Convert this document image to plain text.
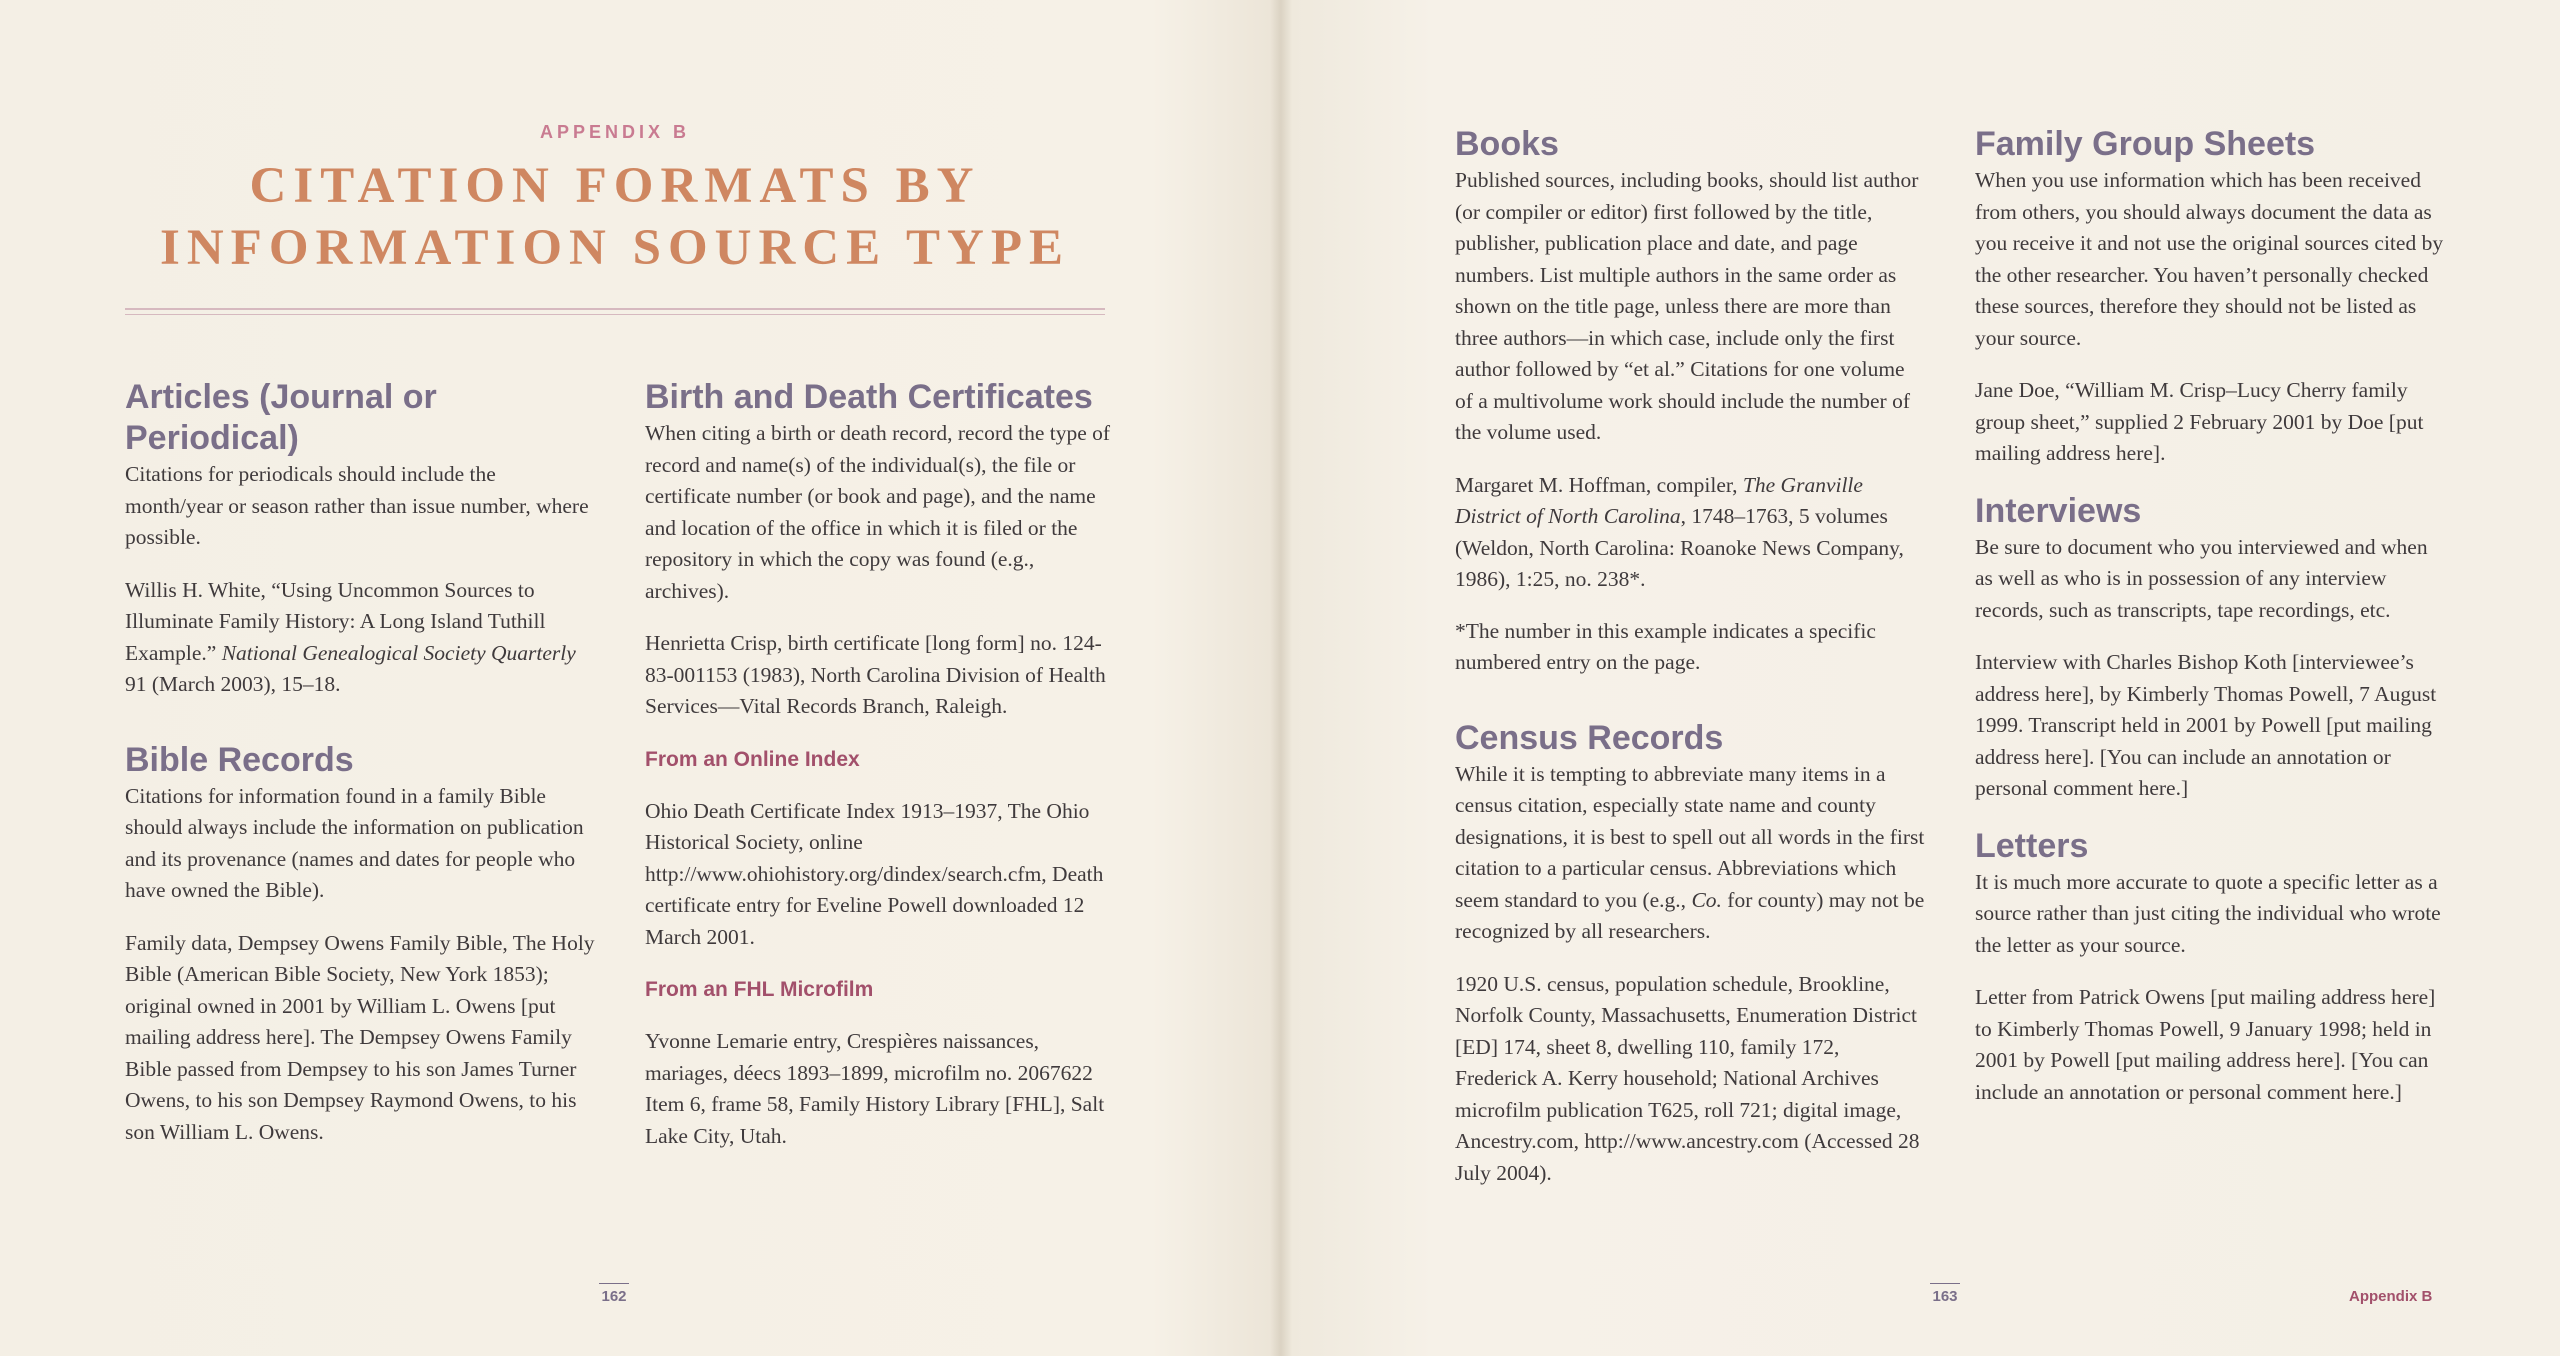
APPENDIX B
CITATION FORMATS BY
INFORMATION SOURCE TYPE
Articles (Journal or Periodical)

Citations for periodicals should include the month/year or season rather than issue number, where possible.

Willis H. White, “Using Uncommon Sources to Illuminate Family History: A Long Island Tuthill Example.” National Genealogical Society Quarterly 91 (March 2003), 15–18.

Bible Records

Citations for information found in a family Bible should always include the information on publication and its provenance (names and dates for people who have owned the Bible).

Family data, Dempsey Owens Family Bible, The Holy Bible (American Bible Society, New York 1853); original owned in 2001 by William L. Owens [put mailing address here]. The Dempsey Owens Family Bible passed from Dempsey to his son James Turner Owens, to his son Dempsey Raymond Owens, to his son William L. Owens.

Birth and Death Certificates

When citing a birth or death record, record the type of record and name(s) of the individual(s), the file or certificate number (or book and page), and the name and location of the office in which it is filed or the repository in which the copy was found (e.g., archives).

Henrietta Crisp, birth certificate [long form] no. 124-83-001153 (1983), North Carolina Division of Health Services—Vital Records Branch, Raleigh.

From an Online Index

Ohio Death Certificate Index 1913–1937, The Ohio Historical Society, online http://www.ohiohistory.org/dindex/search.cfm, Death certificate entry for Eveline Powell downloaded 12 March 2001.

From an FHL Microfilm

Yvonne Lemarie entry, Crespières naissances, mariages, déecs 1893–1899, microfilm no. 2067622 Item 6, frame 58, Family History Library [FHL], Salt Lake City, Utah.

162
Books

Published sources, including books, should list author (or compiler or editor) first followed by the title, publisher, publication place and date, and page numbers. List multiple authors in the same order as shown on the title page, unless there are more than three authors—in which case, include only the first author followed by “et al.” Citations for one volume of a multivolume work should include the number of the volume used.

Margaret M. Hoffman, compiler, The Granville District of North Carolina, 1748–1763, 5 volumes (Weldon, North Carolina: Roanoke News Company, 1986), 1:25, no. 238*.

*The number in this example indicates a specific numbered entry on the page.

Census Records

While it is tempting to abbreviate many items in a census citation, especially state name and county designations, it is best to spell out all words in the first citation to a particular census. Abbreviations which seem standard to you (e.g., Co. for county) may not be recognized by all researchers.

1920 U.S. census, population schedule, Brookline, Norfolk County, Massachusetts, Enumeration District [ED] 174, sheet 8, dwelling 110, family 172, Frederick A. Kerry household; National Archives microfilm publication T625, roll 721; digital image, Ancestry.com, http://www.ancestry.com (Accessed 28 July 2004).

Family Group Sheets

When you use information which has been received from others, you should always document the data as you receive it and not use the original sources cited by the other researcher. You haven’t personally checked these sources, therefore they should not be listed as your source.

Jane Doe, “William M. Crisp–Lucy Cherry family group sheet,” supplied 2 February 2001 by Doe [put mailing address here].

Interviews

Be sure to document who you interviewed and when as well as who is in possession of any interview records, such as transcripts, tape recordings, etc.

Interview with Charles Bishop Koth [interviewee’s address here], by Kimberly Thomas Powell, 7 August 1999. Transcript held in 2001 by Powell [put mailing address here]. [You can include an annotation or personal comment here.]

Letters

It is much more accurate to quote a specific letter as a source rather than just citing the individual who wrote the letter as your source.

Letter from Patrick Owens [put mailing address here] to Kimberly Thomas Powell, 9 January 1998; held in 2001 by Powell [put mailing address here]. [You can include an annotation or personal comment here.]

163	Appendix B
